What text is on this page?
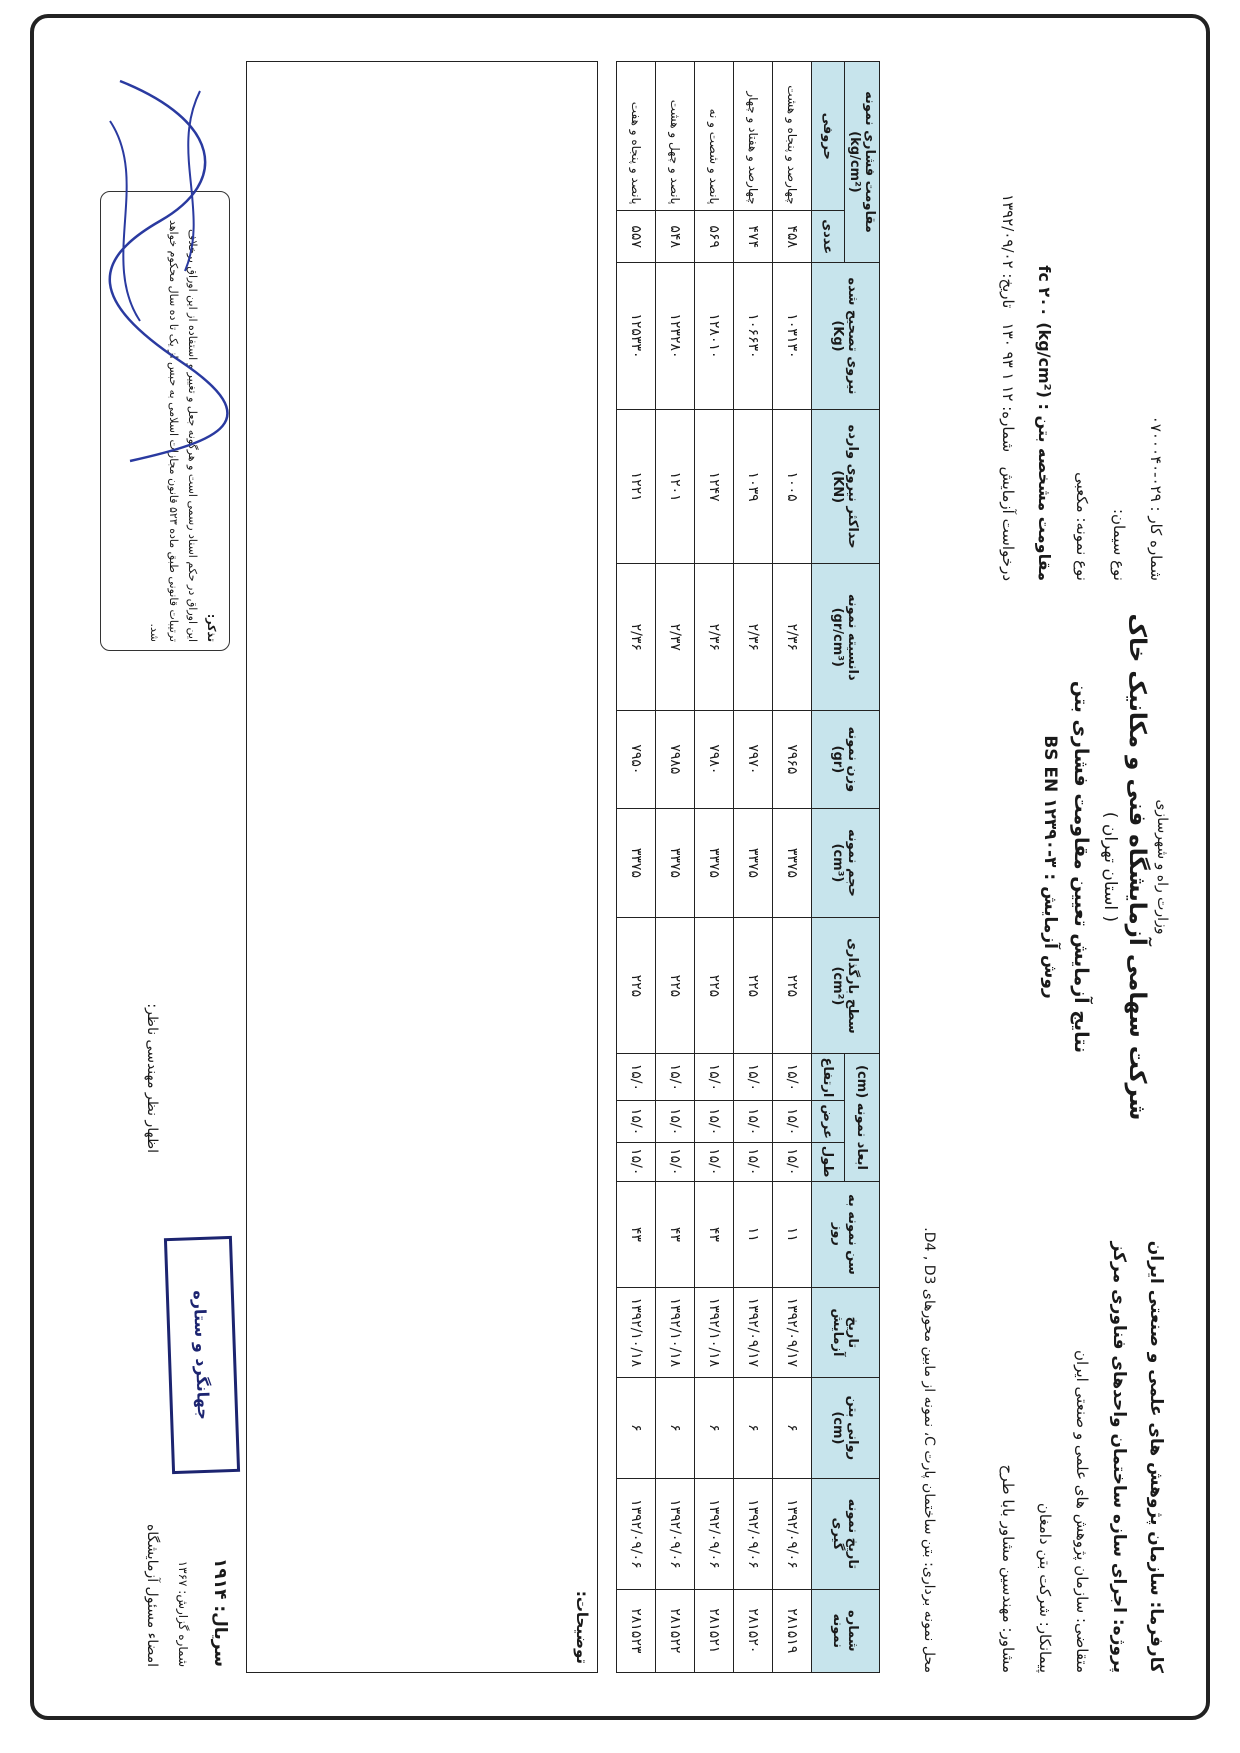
کارفرما: سازمان پژوهش های علمی و صنعتی ایران
پروژه: اجرای سازه ساختمان واحدهای فناوری مرکز
متقاضی: سازمان پژوهش های علمی و صنعتی ایران
پیمانکار: شرکت بتن دامغان
مشاور: مهندسین مشاور بابا طرح
وزارت راه و شهرسازی
شرکت سهامی آزمایشگاه فنی و مکانیک خاک
( استان تهران )
نتایج آزمایش تعیین مقاومت فشاری بتن
روش آزمایش : BS EN ۱۲۳۹۰-۳
شماره کار : ۰۲۹-۰۷۰۰۰۴۰
نوع سیمان:
نوع نمونه: مکعبی
مقاومت مشخصه بتن : fc ۲۰۰ (kg/cm²)
درخواست آزمایش   شماره: ۱۲ ۱ ۹۳ ۱۳۰   تاریخ: ۱۳۹۲/۰۹/۰۲
محل نمونه برداری: بتن ساختمان پارت C، نمونه از مابین محورهای D4 , D3.
شماره نمونه	تاریخ نمونه گیری	روانی بتن (cm)	تاریخ آزمایش	سن نمونه به روز	ابعاد نمونه (cm)			سطح بارگذاری (cm²)	حجم نمونه (cm³)	وزن نمونه (gr)	دانسیته نمونه (gr/cm³)	حداکثر نیروی وارده (KN)	نیروی تصحیح شده (Kg)	مقاومت فشاری نمونه (kg/cm²)	
					طول	عرض	ارتفاع							عددی	حروفی
۲۸۱۵۱۹	۱۳۹۲/۰۹/۰۶	۶	۱۳۹۲/۰۹/۱۷	۱۱	۱۵/۰	۱۵/۰	۱۵/۰	۲۲۵	۳۳۷۵	۷۹۶۵	۲/۳۶	۱۰۰۵	۱۰۳۱۳۰	۴۵۸	چهارصد و پنجاه و هشت
۲۸۱۵۲۰	۱۳۹۲/۰۹/۰۶	۶	۱۳۹۲/۰۹/۱۷	۱۱	۱۵/۰	۱۵/۰	۱۵/۰	۲۲۵	۳۳۷۵	۷۹۷۰	۲/۳۶	۱۰۳۹	۱۰۶۶۳۰	۴۷۴	چهارصد و هفتاد و چهار
۲۸۱۵۲۱	۱۳۹۲/۰۹/۰۶	۶	۱۳۹۲/۱۰/۱۸	۴۳	۱۵/۰	۱۵/۰	۱۵/۰	۲۲۵	۳۳۷۵	۷۹۸۰	۲/۳۶	۱۲۴۷	۱۲۸۰۱۰	۵۶۹	پانصد و شصت و نه
۲۸۱۵۲۲	۱۳۹۲/۰۹/۰۶	۶	۱۳۹۲/۱۰/۱۸	۴۳	۱۵/۰	۱۵/۰	۱۵/۰	۲۲۵	۳۳۷۵	۷۹۸۵	۲/۳۷	۱۲۰۱	۱۲۳۲۸۰	۵۴۸	پانصد و چهل و هشت
۲۸۱۵۲۳	۱۳۹۲/۰۹/۰۶	۶	۱۳۹۲/۱۰/۱۸	۴۳	۱۵/۰	۱۵/۰	۱۵/۰	۲۲۵	۳۳۷۵	۷۹۵۰	۲/۳۶	۱۲۲۱	۱۲۵۳۳۰	۵۵۷	پانصد و پنجاه و هفت
توضیحات:
سریال: ۱۹۱۴
شماره گزارش: ۱۳۶۷
امضاء مسئول آزمایشگاه
اظهار نظر مهندسی ناظر:
جهانگرد و ستاره
تذکر:
این اوراق در حکم اسناد رسمی است و هرگونه جعل و تغییر و استفاده از این اوراق برخلاف ترتیبات قانونی طبق ماده ۵۲۳ قانون مجازات اسلامی به حبس از یک تا ده سال محکوم خواهد شد.
